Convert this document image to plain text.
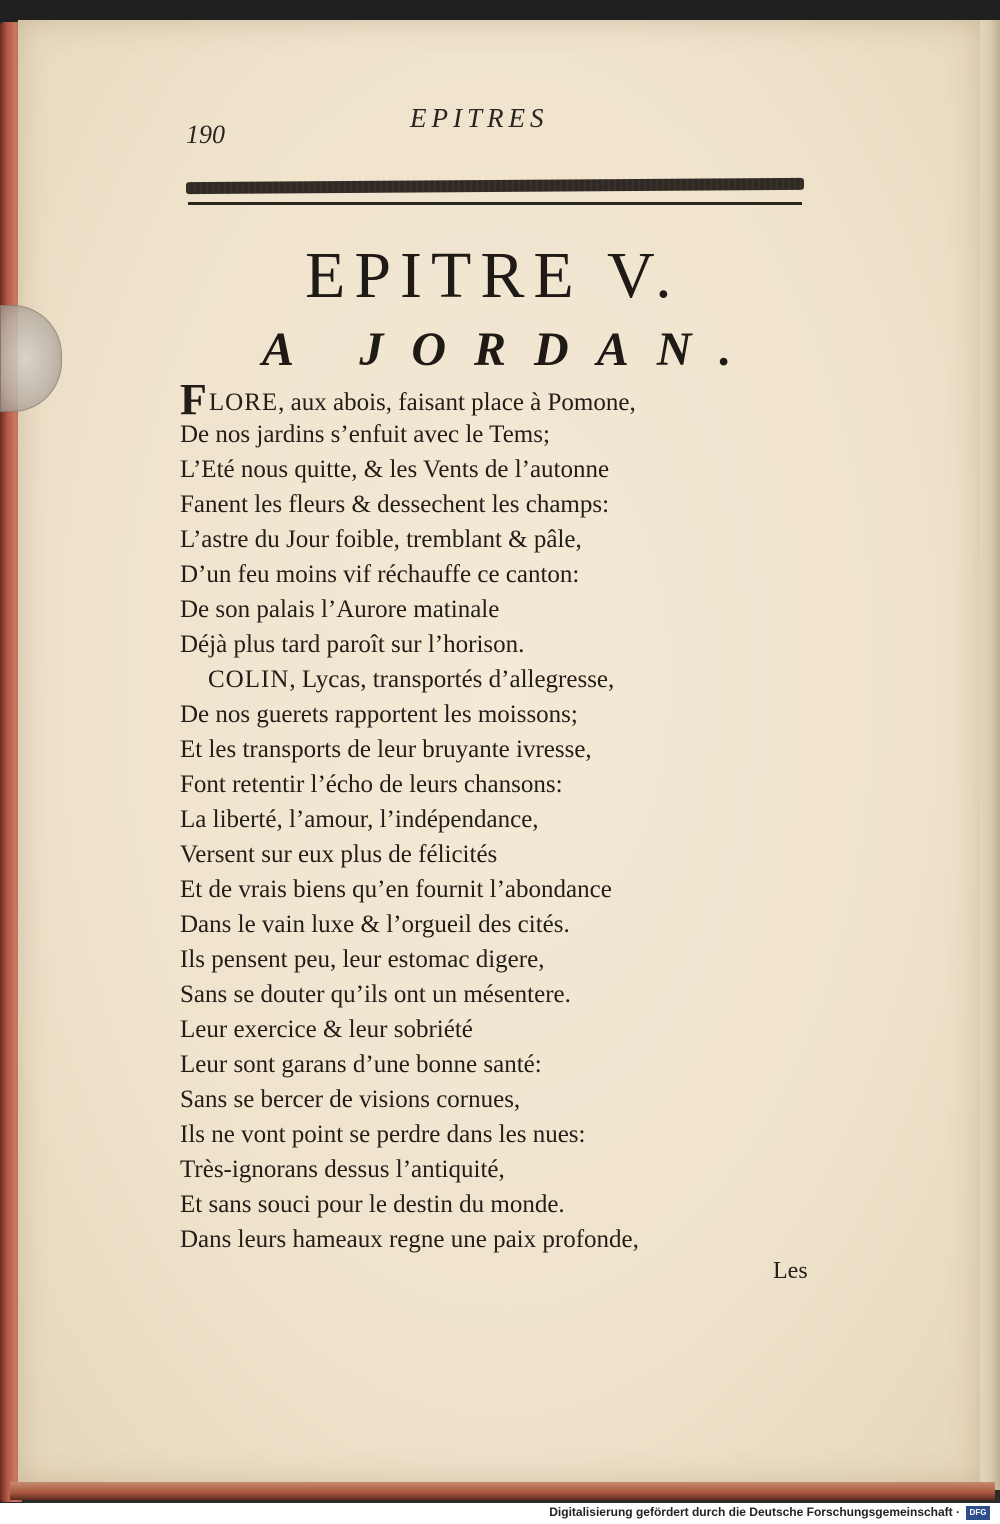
190
EPITRES
EPITRE V.
A JORDAN.
FLORE, aux abois, faisant place à Pomone,
De nos jardins s’enfuit avec le Tems;
L’Eté nous quitte, & les Vents de l’autonne
Fanent les fleurs & dessechent les champs:
L’astre du Jour foible, tremblant & pâle,
D’un feu moins vif réchauffe ce canton:
De son palais l’Aurore matinale
Déjà plus tard paroît sur l’horison.
COLIN, Lycas, transportés d’allegresse,
De nos guerets rapportent les moissons;
Et les transports de leur bruyante ivresse,
Font retentir l’écho de leurs chansons:
La liberté, l’amour, l’indépendance,
Versent sur eux plus de félicités
Et de vrais biens qu’en fournit l’abondance
Dans le vain luxe & l’orgueil des cités.
Ils pensent peu, leur estomac digere,
Sans se douter qu’ils ont un mésentere.
Leur exercice & leur sobriété
Leur sont garans d’une bonne santé:
Sans se bercer de visions cornues,
Ils ne vont point se perdre dans les nues:
Très-ignorans dessus l’antiquité,
Et sans souci pour le destin du monde.
Dans leurs hameaux regne une paix profonde,
Les
Digitalisierung gefördert durch die Deutsche Forschungsgemeinschaft ·	DFG
